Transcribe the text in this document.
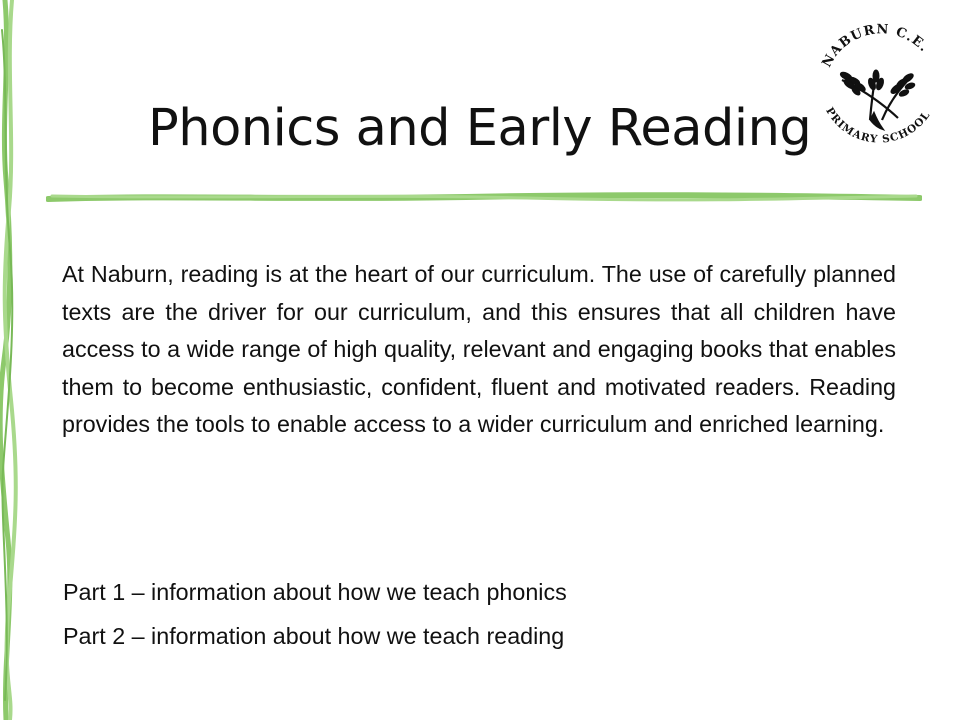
Phonics and Early Reading
NABURN C.E.
PRIMARY SCHOOL

At Naburn, reading is at the heart of our curriculum. The use of carefully planned texts are the driver for our curriculum, and this ensures that all children have access to a wide range of high quality, relevant and engaging books that enables them to become enthusiastic, confident, fluent and motivated readers. Reading provides the tools to enable access to a wider curriculum and enriched learning.

Part 1 – information about how we teach phonics

Part 2 – information about how we teach reading
